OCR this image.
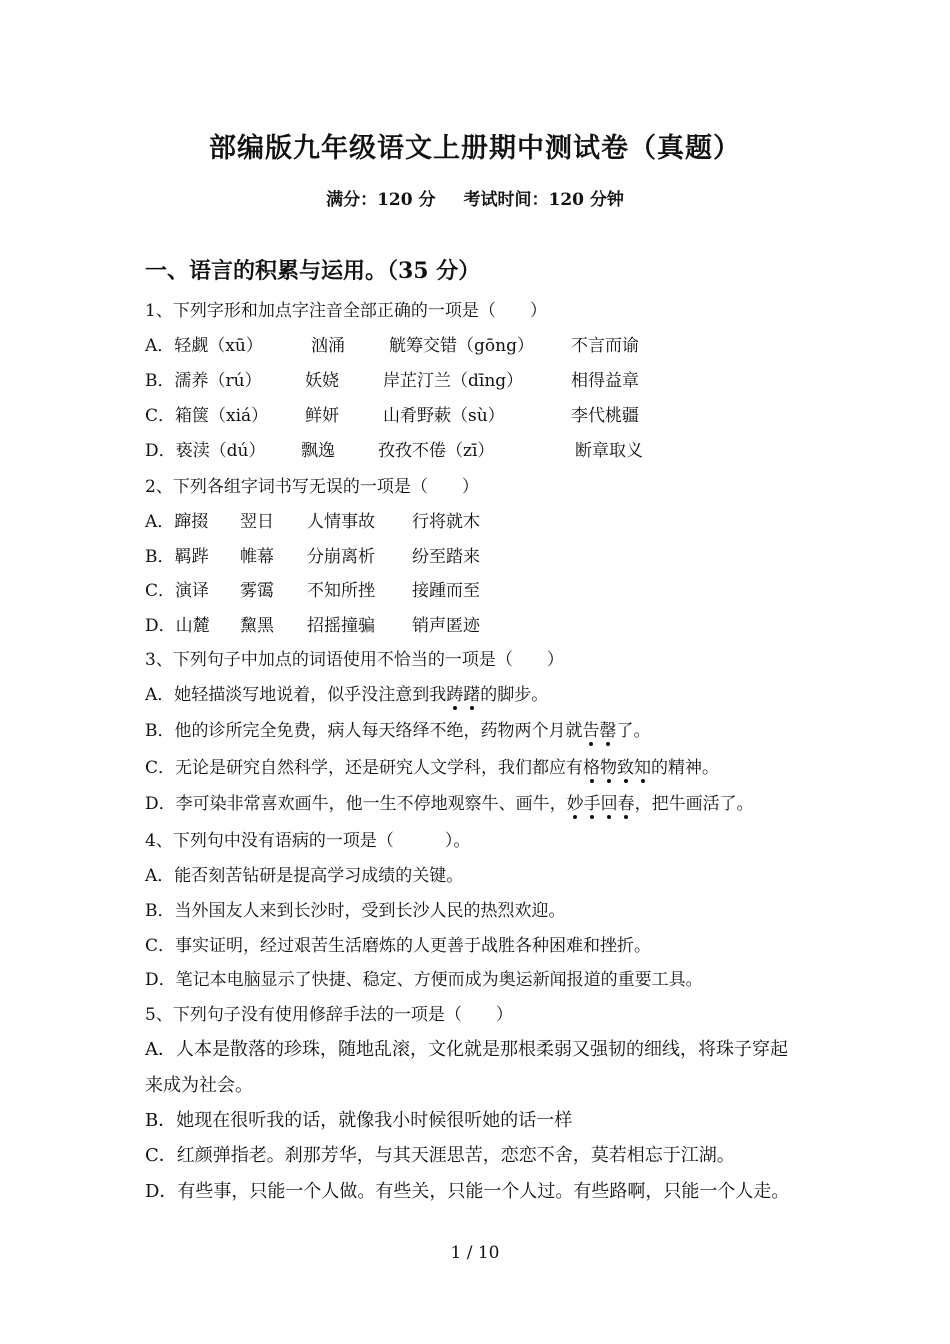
部编版九年级语文上册期中测试卷（真题）
满分：120 分 考试时间：120 分钟
一、语言的积累与运用。（35 分）
1、下列字形和加点字注音全部正确的一项是（　　）
A．轻觑（xū）	汹涌	觥筹交错（gōng） 不言而谕
B．濡养（rú）	妖娆	岸芷汀兰（dīng）	相得益章
C．箱箧（xiá） 鲜妍	山肴野蔌（sù）	李代桃疆
D．亵渎（dú） 飘逸	孜孜不倦（zī）	断章取义
2、下列各组字词书写无误的一项是（　　）
A．蹿掇 翌日 人情事故 行将就木
B．羁跸 帷幕 分崩离析 纷至踏来
C．演译 雾霭 不知所挫 接踵而至
D．山麓 黧黑 招摇撞骗 销声匿迹
3、下列句子中加点的词语使用不恰当的一项是（　　）
A．她轻描淡写地说着，似乎没注意到我踌躇的脚步。
B．他的诊所完全免费，病人每天络绎不绝，药物两个月就告罄了。
C．无论是研究自然科学，还是研究人文学科，我们都应有格物致知的精神。
D．李可染非常喜欢画牛，他一生不停地观察牛、画牛，妙手回春，把牛画活了。
4、下列句中没有语病的一项是（　　　）。
A．能否刻苦钻研是提高学习成绩的关键。
B．当外国友人来到长沙时，受到长沙人民的热烈欢迎。
C．事实证明，经过艰苦生活磨炼的人更善于战胜各种困难和挫折。
D．笔记本电脑显示了快捷、稳定、方便而成为奥运新闻报道的重要工具。
5、下列句子没有使用修辞手法的一项是（　　）
A．人本是散落的珍珠，随地乱滚，文化就是那根柔弱又强韧的细线，将珠子穿起
来成为社会。
B．她现在很听我的话，就像我小时候很听她的话一样
C．红颜弹指老。刹那芳华，与其天涯思苦，恋恋不舍，莫若相忘于江湖。
D．有些事，只能一个人做。有些关，只能一个人过。有些路啊，只能一个人走。
1 / 10
